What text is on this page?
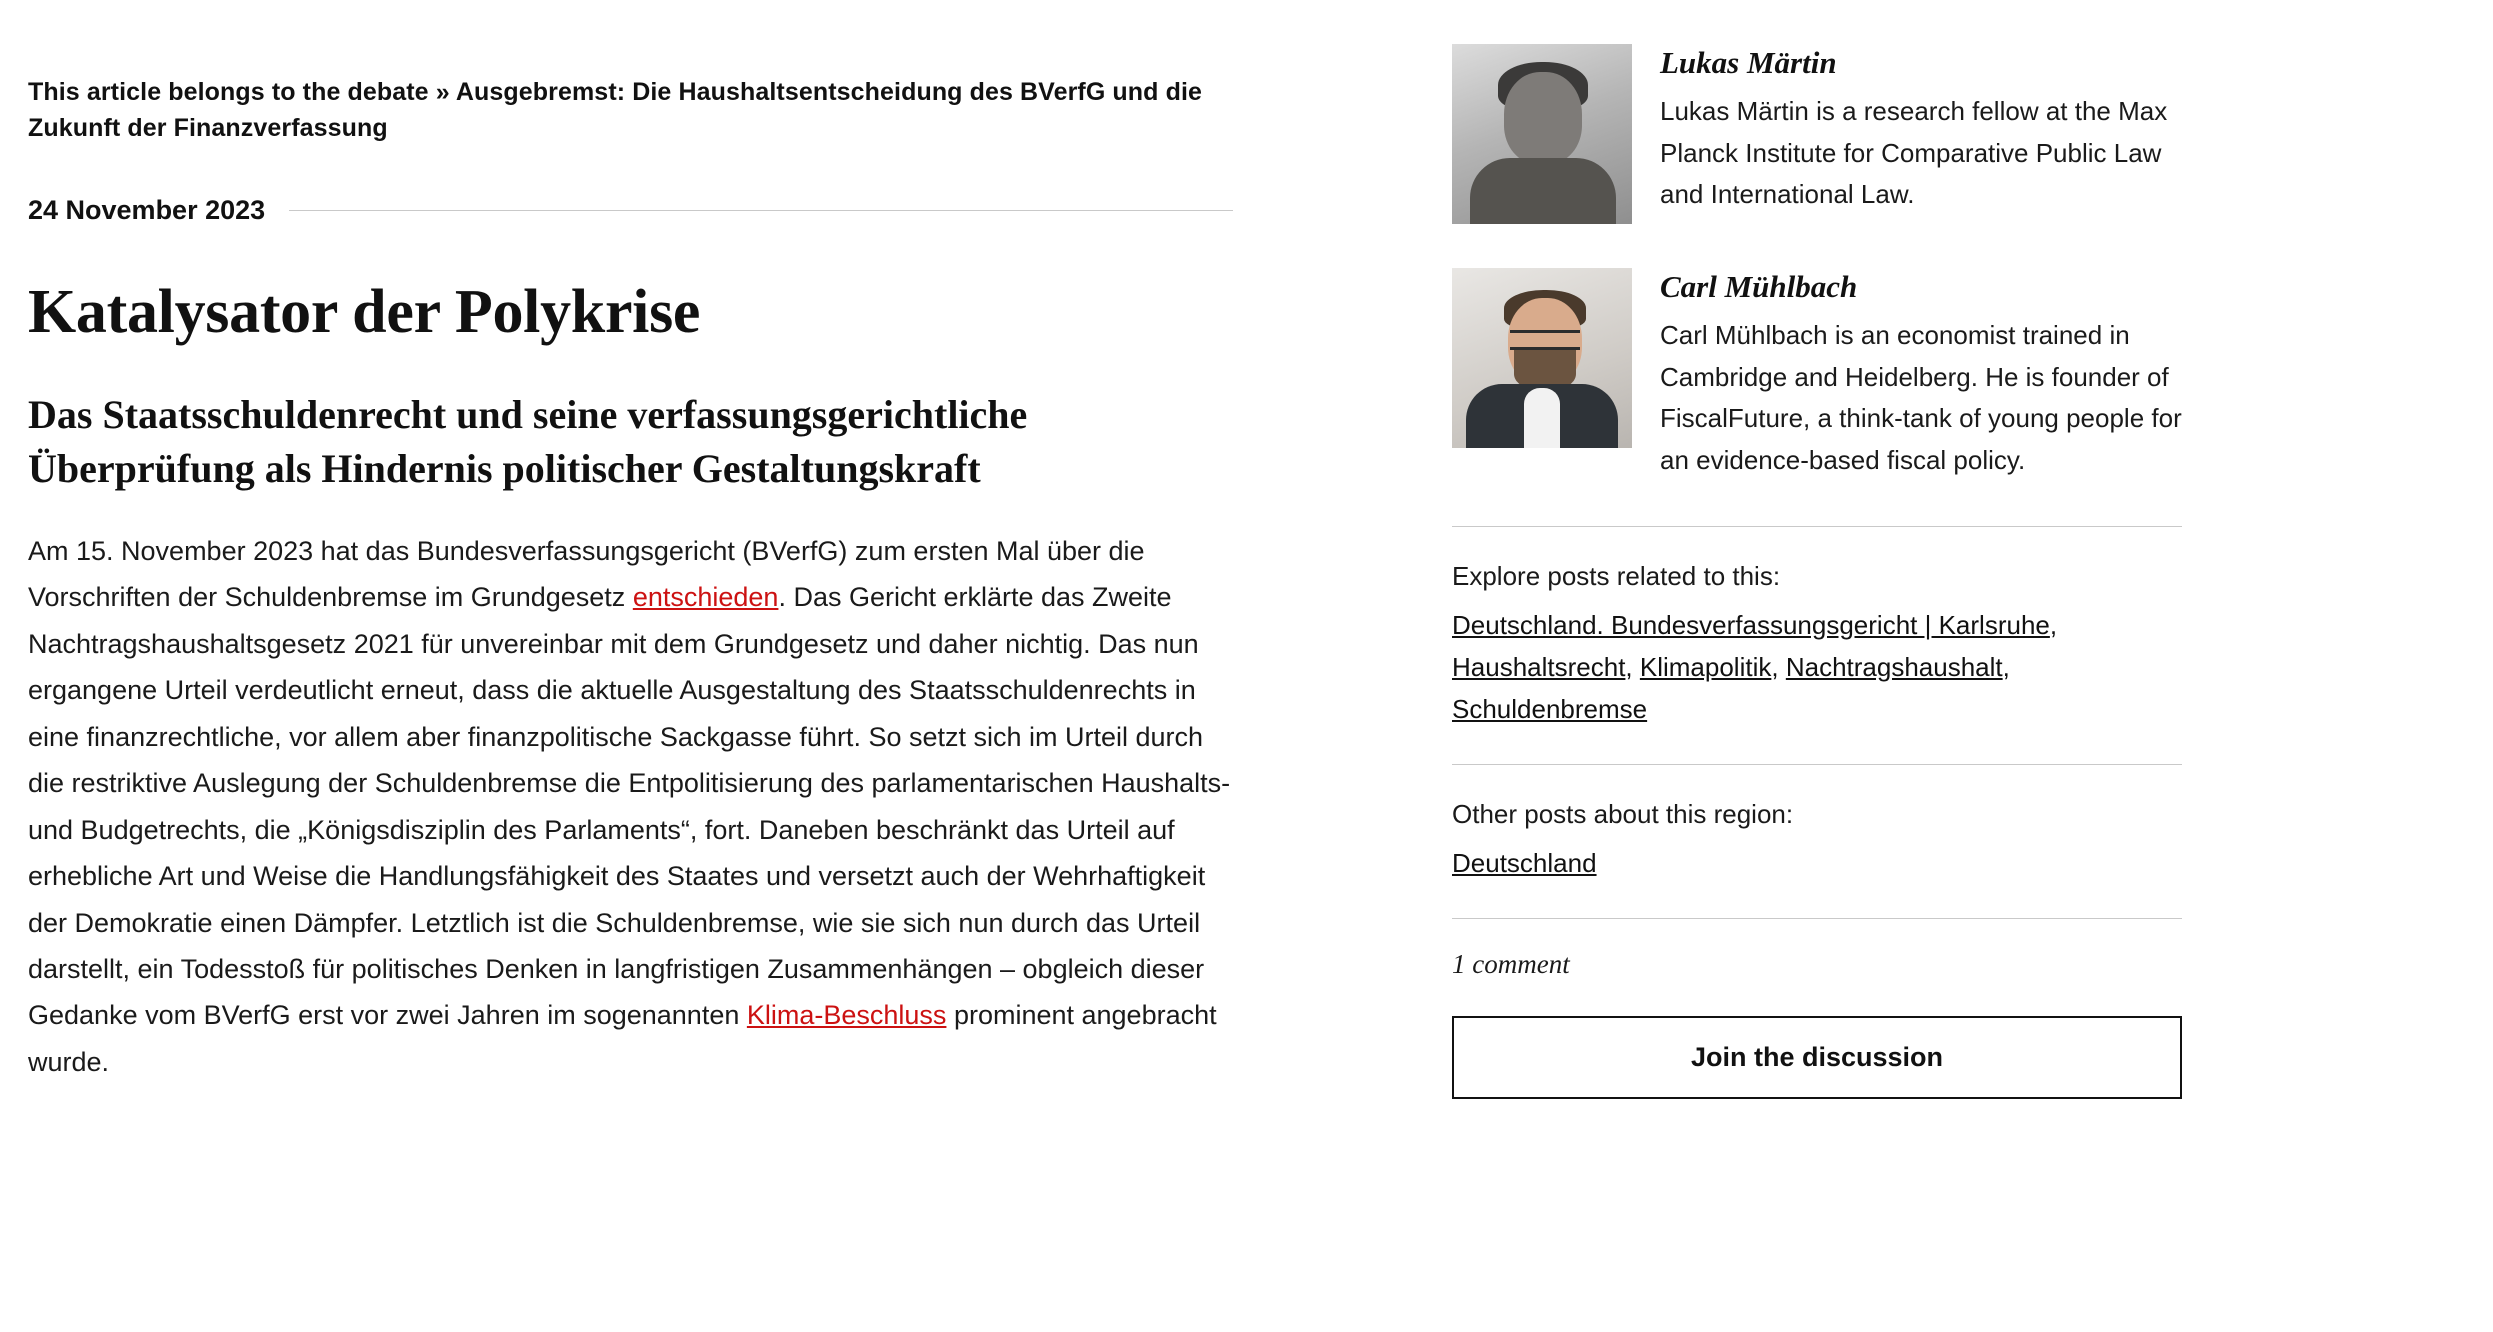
This article belongs to the debate » Ausgebremst: Die Haushaltsentscheidung des BVerfG und die Zukunft der Finanzverfassung
24 November 2023
Katalysator der Polykrise
Das Staatsschuldenrecht und seine verfassungsgerichtliche Überprüfung als Hindernis politischer Gestaltungskraft

Am 15. November 2023 hat das Bundesverfassungsgericht (BVerfG) zum ersten Mal über die Vorschriften der Schuldenbremse im Grundgesetz entschieden. Das Gericht erklärte das Zweite Nachtragshaushaltsgesetz 2021 für unvereinbar mit dem Grundgesetz und daher nichtig. Das nun ergangene Urteil verdeutlicht erneut, dass die aktuelle Ausgestaltung des Staatsschuldenrechts in eine finanzrechtliche, vor allem aber finanzpolitische Sackgasse führt. So setzt sich im Urteil durch die restriktive Auslegung der Schuldenbremse die Entpolitisierung des parlamentarischen Haushalts- und Budgetrechts, die „Königsdisziplin des Parlaments“, fort. Daneben beschränkt das Urteil auf erhebliche Art und Weise die Handlungsfähigkeit des Staates und versetzt auch der Wehrhaftigkeit der Demokratie einen Dämpfer. Letztlich ist die Schuldenbremse, wie sie sich nun durch das Urteil darstellt, ein Todesstoß für politisches Denken in langfristigen Zusammenhängen – obgleich dieser Gedanke vom BVerfG erst vor zwei Jahren im sogenannten Klima-Beschluss prominent angebracht wurde.

Lukas Märtin
Lukas Märtin is a research fellow at the Max Planck Institute for Comparative Public Law and International Law.
Carl Mühlbach
Carl Mühlbach is an economist trained in Cambridge and Heidelberg. He is founder of FiscalFuture, a think-tank of young people for an evidence-based fiscal policy.
Explore posts related to this:
Deutschland. Bundesverfassungsgericht | Karlsruhe, Haushaltsrecht, Klimapolitik, Nachtragshaushalt, Schuldenbremse
Other posts about this region:
Deutschland
1 comment
Join the discussion
